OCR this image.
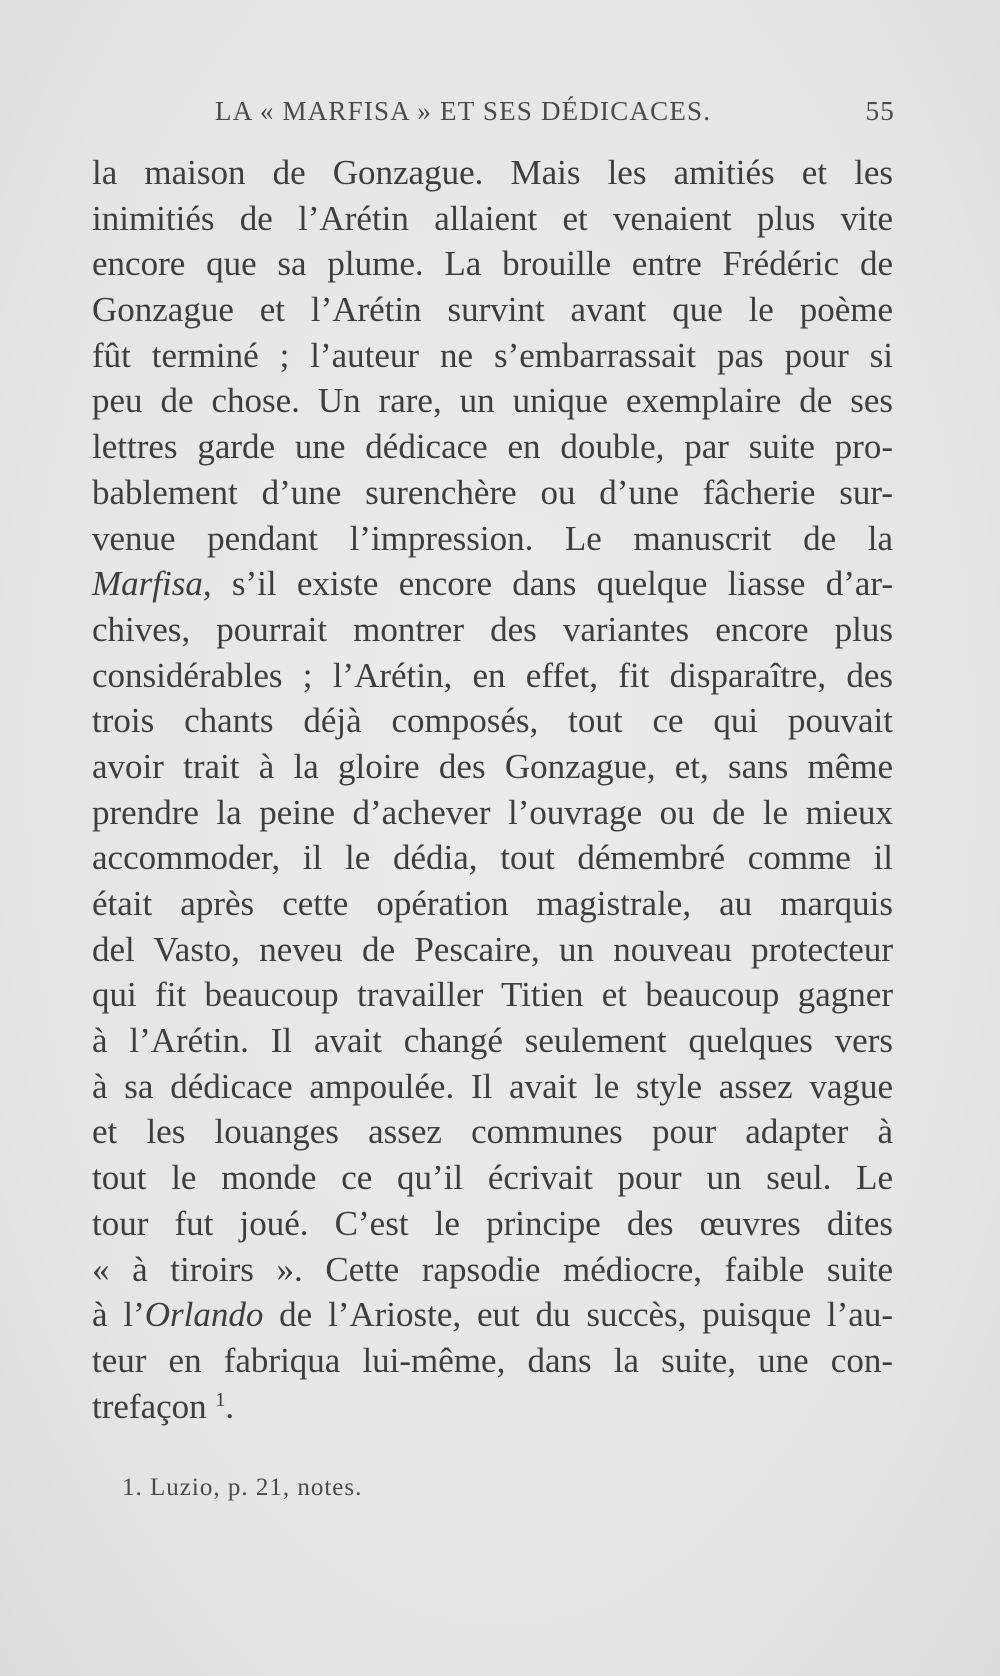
LA « MARFISA » ET SES DÉDICACES.	55
la maison de Gonzague. Mais les amitiés et les
inimitiés de l’Arétin allaient et venaient plus vite
encore que sa plume. La brouille entre Frédéric de
Gonzague et l’Arétin survint avant que le poème
fût terminé ; l’auteur ne s’embarrassait pas pour si
peu de chose. Un rare, un unique exemplaire de ses
lettres garde une dédicace en double, par suite pro-
bablement d’une surenchère ou d’une fâcherie sur-
venue pendant l’impression. Le manuscrit de la
Marfisa, s’il existe encore dans quelque liasse d’ar-
chives, pourrait montrer des variantes encore plus
considérables ; l’Arétin, en effet, fit disparaître, des
trois chants déjà composés, tout ce qui pouvait
avoir trait à la gloire des Gonzague, et, sans même
prendre la peine d’achever l’ouvrage ou de le mieux
accommoder, il le dédia, tout démembré comme il
était après cette opération magistrale, au marquis
del Vasto, neveu de Pescaire, un nouveau protecteur
qui fit beaucoup travailler Titien et beaucoup gagner
à l’Arétin. Il avait changé seulement quelques vers
à sa dédicace ampoulée. Il avait le style assez vague
et les louanges assez communes pour adapter à
tout le monde ce qu’il écrivait pour un seul. Le
tour fut joué. C’est le principe des œuvres dites
« à tiroirs ». Cette rapsodie médiocre, faible suite
à l’Orlando de l’Arioste, eut du succès, puisque l’au-
teur en fabriqua lui-même, dans la suite, une con-
trefaçon $^1$.
1. Luzio, p. 21, notes.
